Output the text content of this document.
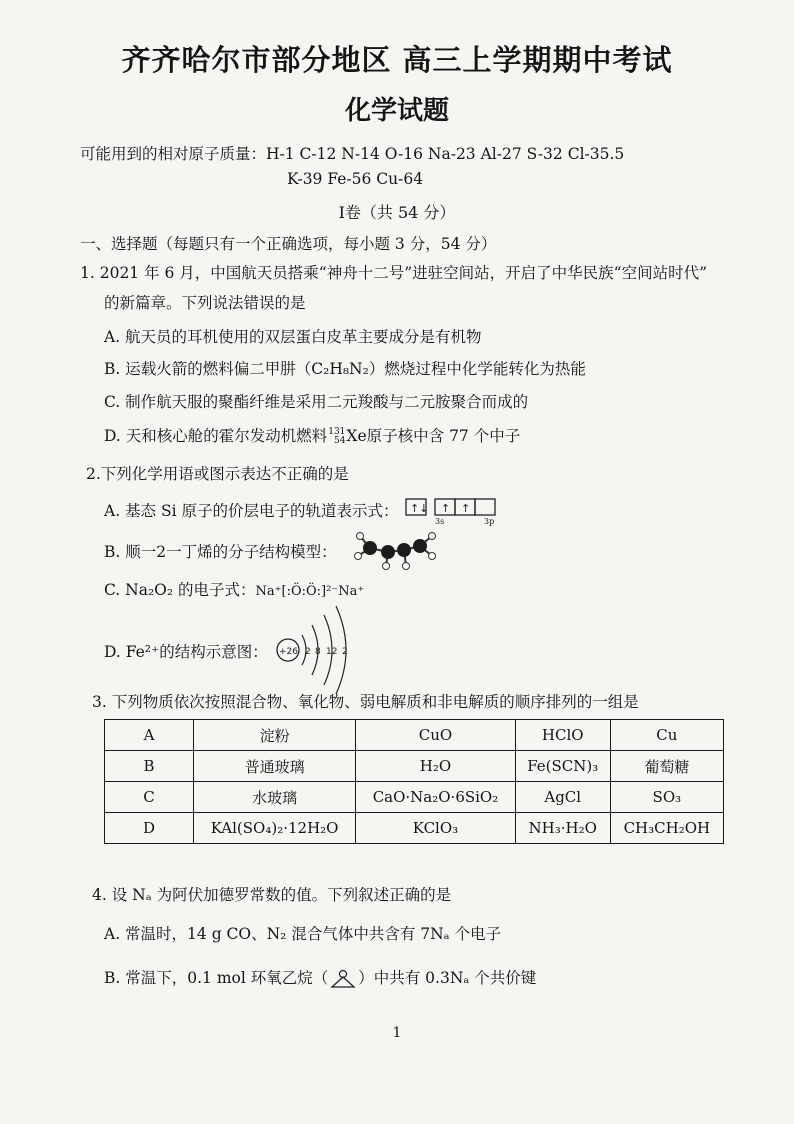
齐齐哈尔市部分地区 高三上学期期中考试
化学试题
可能用到的相对原子质量：H-1 C-12 N-14 O-16 Na-23 Al-27 S-32 Cl-35.5
K-39 Fe-56 Cu-64
Ⅰ卷（共 54 分）
一、选择题（每题只有一个正确选项，每小题 3 分，54 分）
1. 2021 年 6 月，中国航天员搭乘“神舟十二号”进驻空间站，开启了中华民族“空间站时代”
的新篇章。下列说法错误的是
A. 航天员的耳机使用的双层蛋白皮革主要成分是有机物
B. 运载火箭的燃料偏二甲肼（C₂H₈N₂）燃烧过程中化学能转化为热能
C. 制作航天服的聚酯纤维是采用二元羧酸与二元胺聚合而成的
D. 天和核心舱的霍尔发动机燃料131
54Xe原子核中含 77 个中子
2.下列化学用语或图示表达不正确的是
A. 基态 Si 原子的价层电子的轨道表示式： ↑↓ ↑ ↑
3s	3p
B. 顺一2一丁烯的分子结构模型：
C. Na₂O₂ 的电子式：Na⁺[:Ö:Ö:]²⁻Na⁺
D. Fe²⁺的结构示意图： +26 2 8 12 2
3. 下列物质依次按照混合物、氧化物、弱电解质和非电解质的顺序排列的一组是
A	淀粉	CuO	HClO	Cu
B	普通玻璃	H₂O	Fe(SCN)₃	葡萄糖
C	水玻璃	CaO·Na₂O·6SiO₂	AgCl	SO₃
D	KAl(SO₄)₂·12H₂O	KClO₃	NH₃·H₂O	CH₃CH₂OH
4. 设 Nₐ 为阿伏加德罗常数的值。下列叙述正确的是
A. 常温时，14 g CO、N₂ 混合气体中共含有 7Nₐ 个电子
B. 常温下，0.1 mol 环氧乙烷（ ）中共有 0.3Nₐ 个共价键
1
